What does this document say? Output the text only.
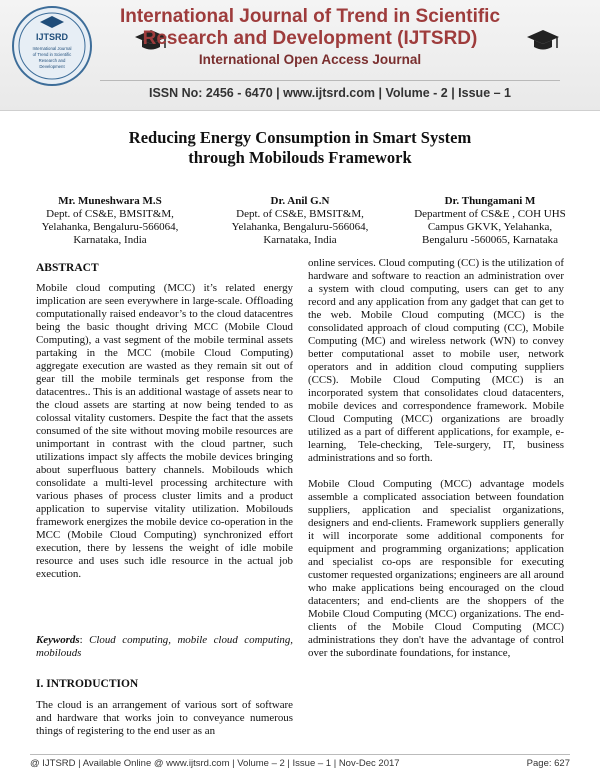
IJTSRD
International Journal
of Trend in Scientific
Research and
Development
International Journal of Trend in Scientific
Research and Development (IJTSRD)
International Open Access Journal
ISSN No: 2456 - 6470 | www.ijtsrd.com | Volume - 2 | Issue – 1
Reducing Energy Consumption in Smart System
through Mobilouds Framework
Mr. Muneshwara M.S
Dept. of CS&E, BMSIT&M,
Yelahanka, Bengaluru-566064,
Karnataka, India
Dr. Anil G.N
Dept. of CS&E, BMSIT&M,
Yelahanka, Bengaluru-566064,
Karnataka, India
Dr. Thungamani M
Department of CS&E , COH UHS
Campus GKVK, Yelahanka,
Bengaluru -560065, Karnataka
ABSTRACT
Mobile cloud computing (MCC) it’s related energy implication are seen everywhere in large-scale. Offloading computationally raised endeavor’s to the cloud datacentres being the basic thought driving MCC (Mobile Cloud Computing), a vast segment of the mobile terminal assets partaking in the MCC (mobile Cloud Computing) aggregate execution are wasted as they remain sit out of gear till the mobile terminals get response from the datacentres.. This is an additional wastage of assets near to the cloud assets are starting at now being tended to as colossal vitality customers. Despite the fact that the assets consumed of the site without moving mobile resources are unimportant in contrast with the cloud partner, such utilizations impact sly affects the mobile devices bringing about superfluous battery channels. Mobilouds which consolidate a multi-level processing architecture with various phases of process cluster limits and a product application to supervise vitality utilization. Mobilouds framework energizes the mobile device co-operation in the MCC (Mobile Cloud Computing) synchronized effort execution, there by lessens the weight of idle mobile resource and uses such idle resource in the actual job execution.
Keywords: Cloud computing, mobile cloud computing, mobilouds
I. INTRODUCTION
The cloud is an arrangement of various sort of software and hardware that works join to conveyance numerous things of registering to the end user as an

online services. Cloud computing (CC) is the utilization of hardware and software to reaction an administration over a system with cloud computing, users can get to any record and any application from any gadget that can get to the web. Mobile Cloud computing (MCC) is the consolidated approach of cloud computing (CC), Mobile Computing (MC) and wireless network (WN) to convey better computational asset to mobile user, network operators and in addition cloud computing suppliers (CCS). Mobile Cloud Computing (MCC) is an incorporated system that consolidates cloud datacenters, mobile devices and correspondence framework. Mobile Cloud Computing (MCC) organizations are broadly utilized as a part of different applications, for example, e-learning, Tele-checking, Tele-surgery, IT, business administrations and so forth.

Mobile Cloud Computing (MCC) advantage models assemble a complicated association between foundation suppliers, application and specialist organizations, designers and end-clients. Framework suppliers generally it will incorporate some additional components for equipment and programming organizations; application and specialist co-ops are responsible for executing customer requested organizations; engineers are all around who make applications being encouraged on the cloud datacenters; and end-clients are the shoppers of the Mobile Cloud Computing (MCC) organizations. The end-clients of the Mobile Cloud Computing (MCC) administrations they don't have the advantage of control over the subordinate foundations, for instance,

@ IJTSRD | Available Online @ www.ijtsrd.com | Volume – 2 | Issue – 1 | Nov-Dec 2017	Page: 627
